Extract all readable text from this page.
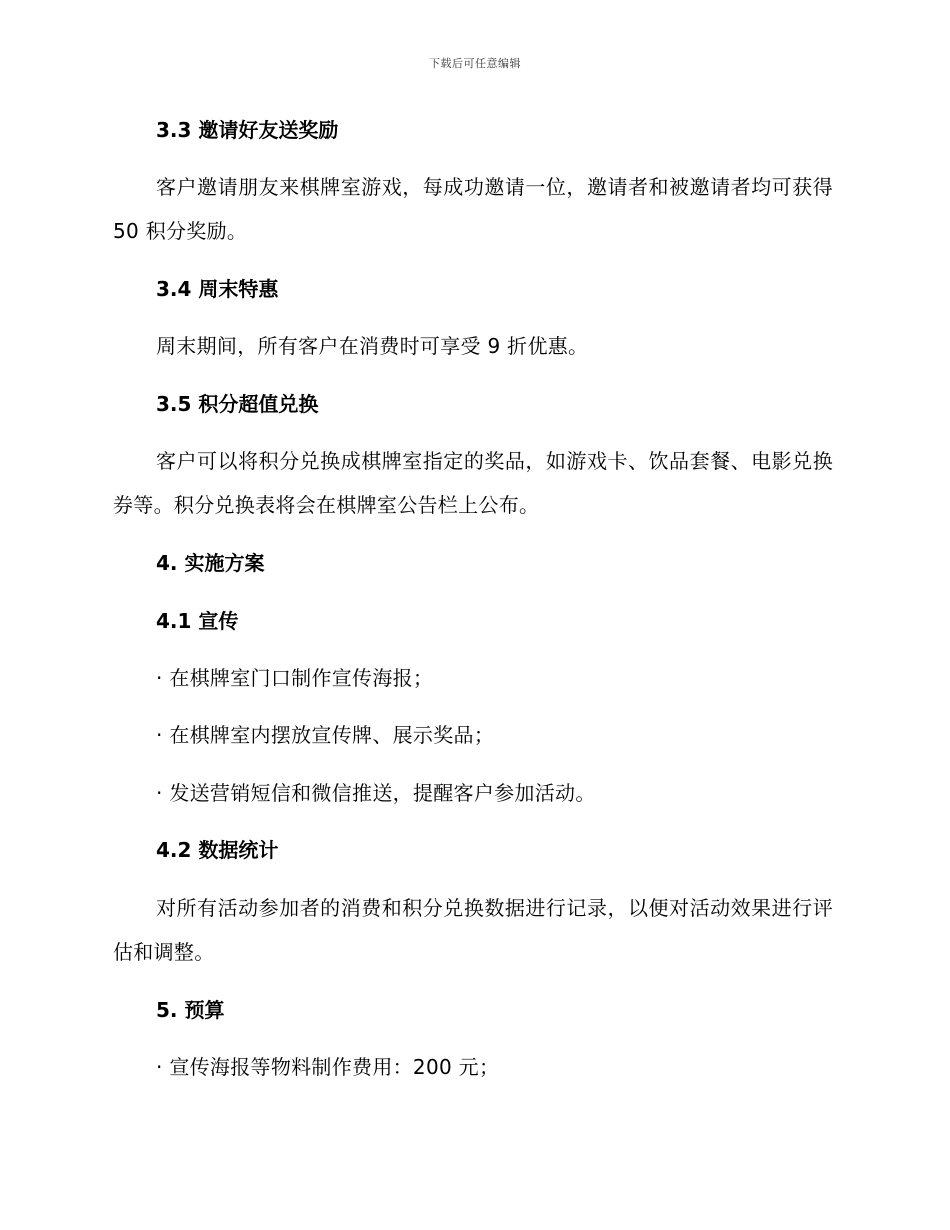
下载后可任意编辑
3.3 邀请好友送奖励
客户邀请朋友来棋牌室游戏，每成功邀请一位，邀请者和被邀请者均可获得 50 积分奖励。
3.4 周末特惠
周末期间，所有客户在消费时可享受 9 折优惠。
3.5 积分超值兑换
客户可以将积分兑换成棋牌室指定的奖品，如游戏卡、饮品套餐、电影兑换券等。积分兑换表将会在棋牌室公告栏上公布。
4. 实施方案
4.1 宣传
· 在棋牌室门口制作宣传海报；
· 在棋牌室内摆放宣传牌、展示奖品；
· 发送营销短信和微信推送，提醒客户参加活动。
4.2 数据统计
对所有活动参加者的消费和积分兑换数据进行记录，以便对活动效果进行评估和调整。
5. 预算
· 宣传海报等物料制作费用：200 元；
